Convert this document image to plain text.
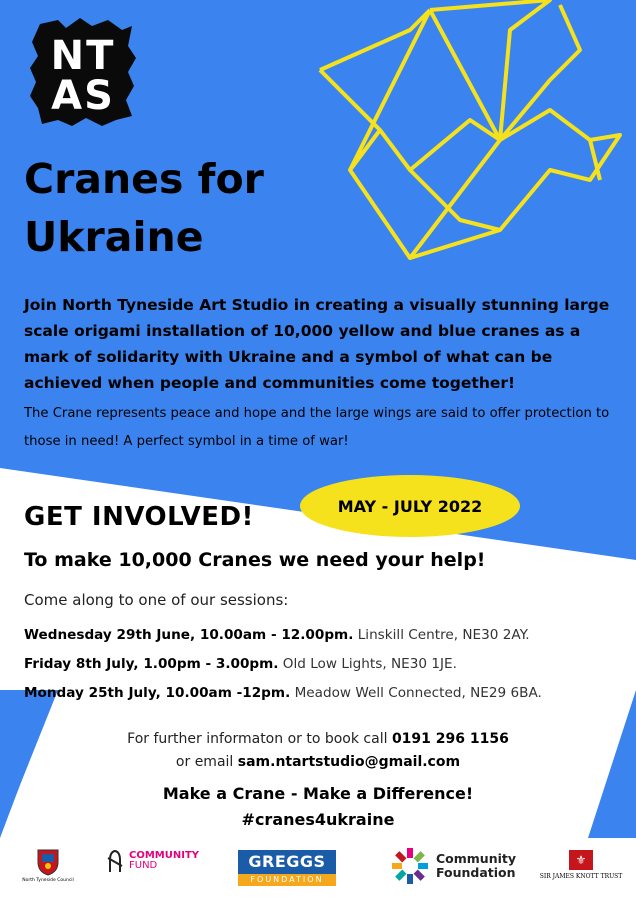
NT
AS
Cranes for
Ukraine
Join North Tyneside Art Studio in creating a visually stunning large scale origami installation of 10,000 yellow and blue cranes as a mark of solidarity with Ukraine and a symbol of what can be achieved when people and communities come together!
The Crane represents peace and hope and the large wings are said to offer protection to those in need! A perfect symbol in a time of war!
GET INVOLVED!	MAY - JULY 2022
To make 10,000 Cranes we need your help!
Come along to one of our sessions:
Wednesday 29th June, 10.00am - 12.00pm. Linskill Centre, NE30 2AY.
Friday 8th July, 1.00pm - 3.00pm. Old Low Lights, NE30 1JE.
Monday 25th July, 10.00am -12pm. Meadow Well Connected, NE29 6BA.
For further informaton or to book call 0191 296 1156
or email sam.ntartstudio@gmail.com
Make a Crane - Make a Difference!
#cranes4ukraine
North Tyneside Council
COMMUNITY
FUND	GREGGS
FOUNDATION
Community
Foundation
⚜
SIR JAMES KNOTT TRUST
